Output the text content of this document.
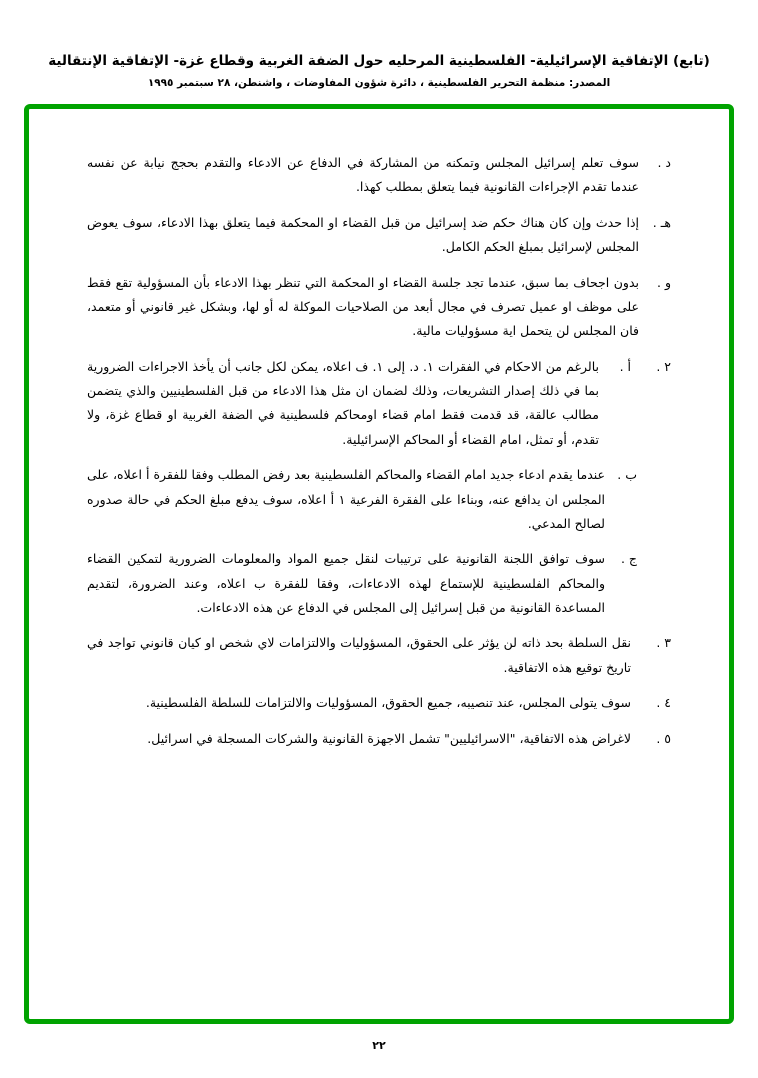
(تابع) الإتفاقية الإسرائيلية- الفلسطينية المرحليه حول الضفة الغربية وقطاع غزة- الإتفاقية الإنتقالية
المصدر: منظمة التحرير الفلسطينية ، دائرة شؤون المفاوضات ، واشنطن، ٢٨ سبتمبر ١٩٩٥
د .
سوف تعلم إسرائيل المجلس وتمكنه من المشاركة في الدفاع عن الادعاء والتقدم بحجج نيابة عن نفسه عندما تقدم الإجراءات القانونية فيما يتعلق بمطلب كهذا.
هـ .
إذا حدث وإن كان هناك حكم ضد إسرائيل من قبل القضاء او المحكمة فيما يتعلق بهذا الادعاء، سوف يعوض المجلس لإسرائيل بمبلغ الحكم الكامل.
و .
بدون اجحاف بما سبق، عندما تجد جلسة القضاء او المحكمة التي تنظر بهذا الادعاء بأن المسؤولية تقع فقط على موظف او عميل تصرف في مجال أبعد من الصلاحيات الموكلة له أو لها، وبشكل غير قانوني أو متعمد، فان المجلس لن يتحمل اية مسؤوليات مالية.
٢ .
أ .
بالرغم من الاحكام في الفقرات ١. د. إلى ١. ف اعلاه، يمكن لكل جانب أن يأخذ الاجراءات الضرورية بما في ذلك إصدار التشريعات، وذلك لضمان ان مثل هذا الادعاء من قبل الفلسطينيين والذي يتضمن مطالب عالقة، قد قدمت فقط امام قضاء اومحاكم فلسطينية في الضفة الغربية او قطاع غزة، ولا تقدم، أو تمثل، امام القضاء أو المحاكم الإسرائيلية.
ب .
عندما يقدم ادعاء جديد امام القضاء والمحاكم الفلسطينية بعد رفض المطلب وفقا للفقرة أ اعلاه، على المجلس ان يدافع عنه، وبناءا على الفقرة الفرعية ١ أ اعلاه، سوف يدفع مبلغ الحكم في حالة صدوره لصالح المدعي.
ج .
سوف توافق اللجنة القانونية على ترتيبات لنقل جميع المواد والمعلومات الضرورية لتمكين القضاء والمحاكم الفلسطينية للإستماع لهذه الادعاءات، وفقا للفقرة ب اعلاه، وعند الضرورة، لتقديم المساعدة القانونية من قبل إسرائيل إلى المجلس في الدفاع عن هذه الادعاءات.
٣ .
نقل السلطة بحد ذاته لن يؤثر على الحقوق، المسؤوليات والالتزامات لاي شخص او كيان قانوني تواجد في تاريخ توقيع هذه الاتفاقية.
٤ .
سوف يتولى المجلس، عند تنصيبه، جميع الحقوق، المسؤوليات والالتزامات للسلطة الفلسطينية.
٥ .
لاغراض هذه الاتفاقية، "الاسرائيليين" تشمل الاجهزة القانونية والشركات المسجلة في اسرائيل.
٢٢
